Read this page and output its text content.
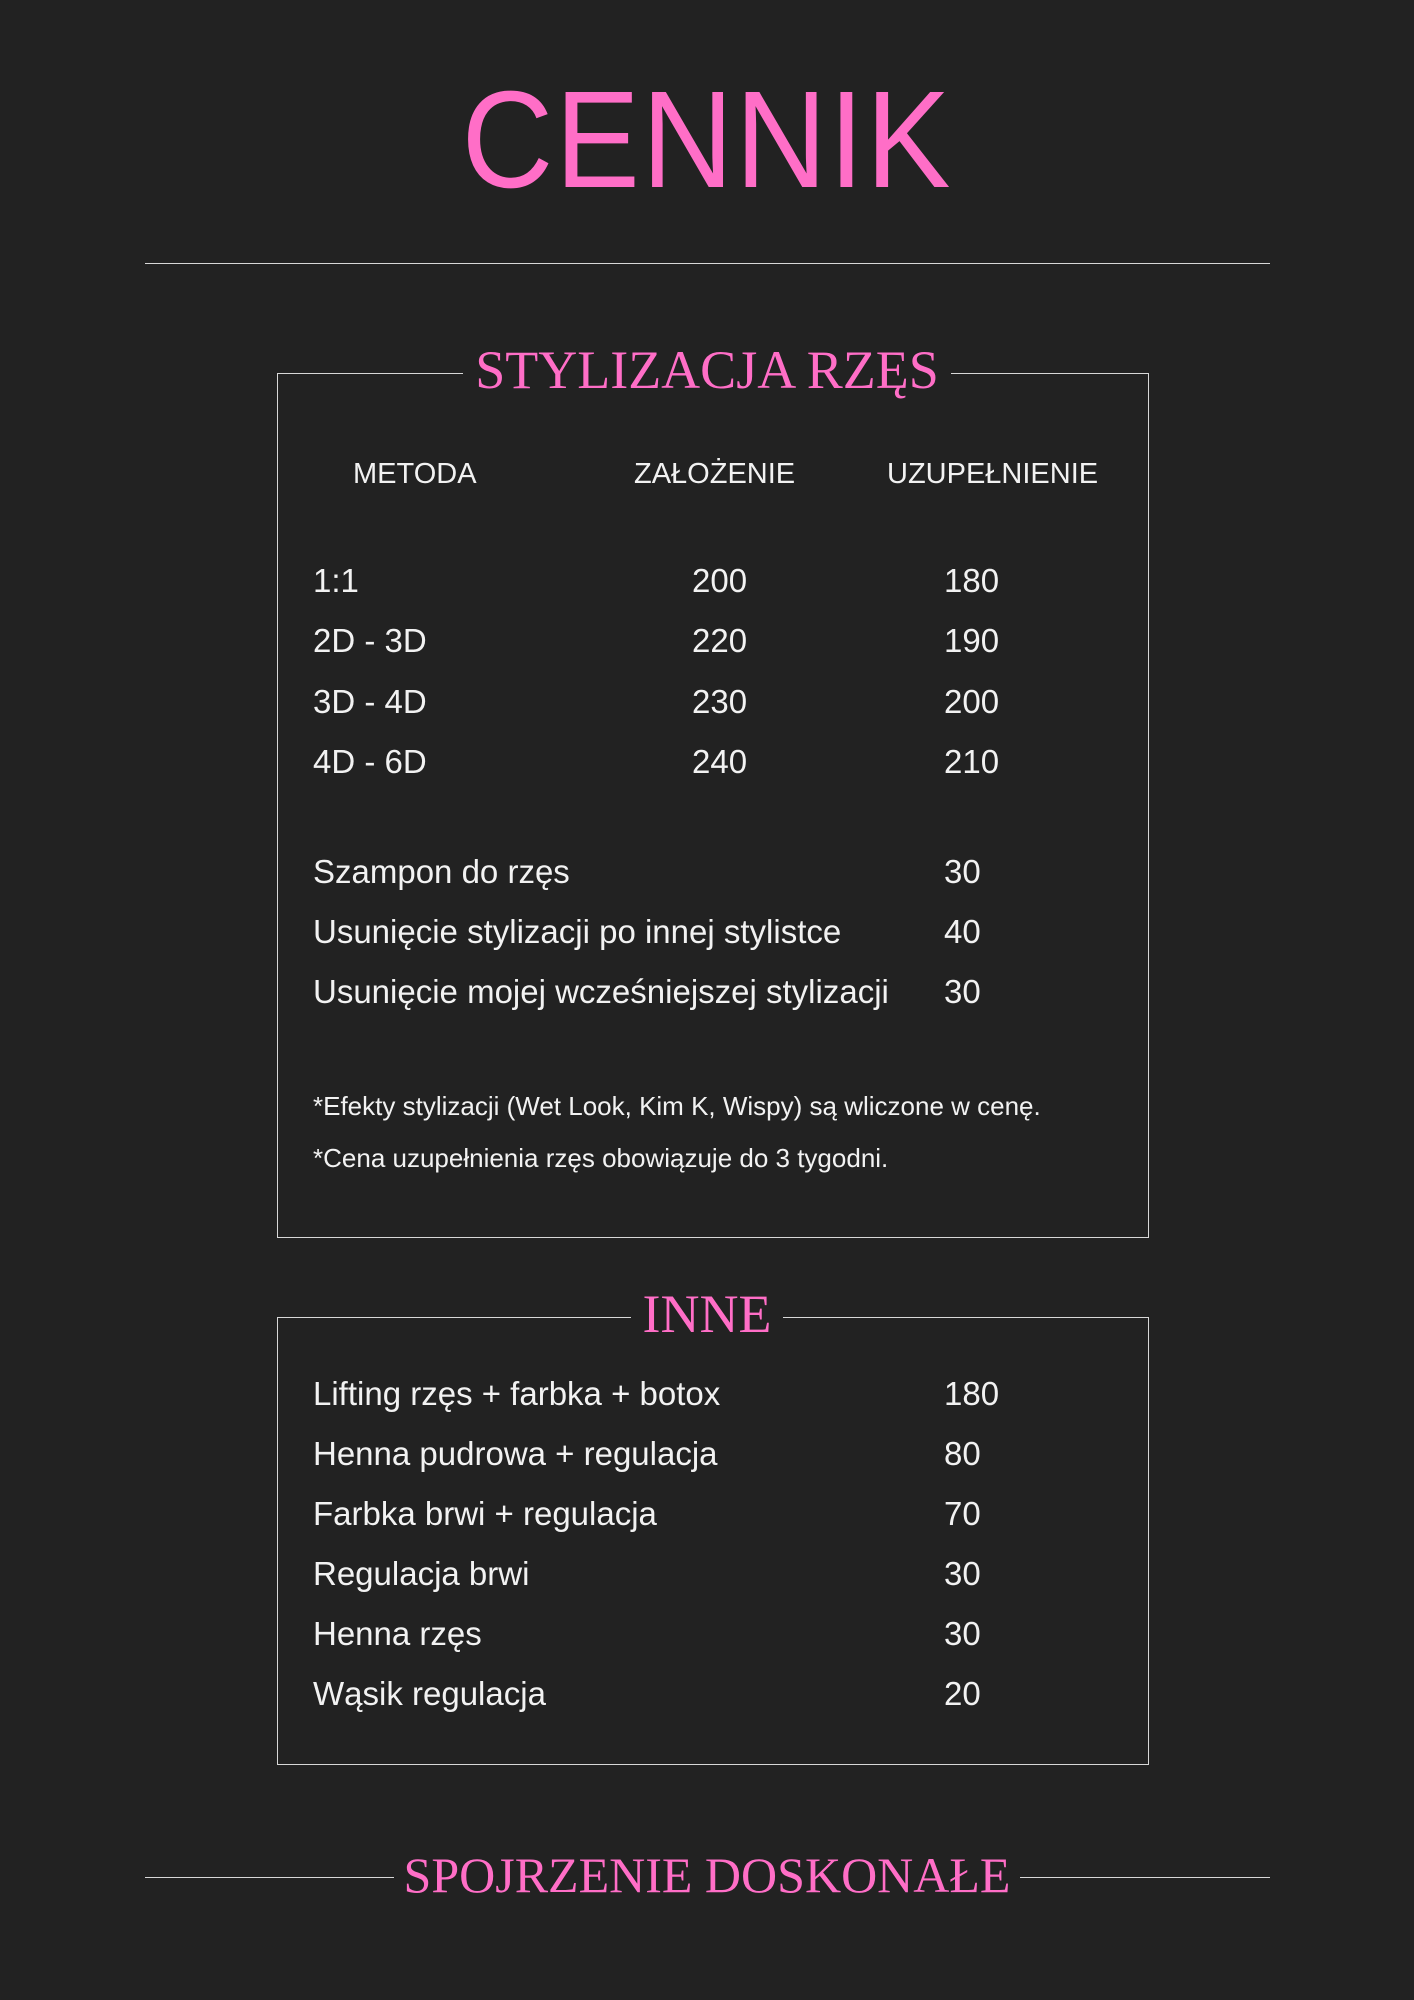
CENNIK
STYLIZACJA RZĘS
METODA	ZAŁOŻENIE	UZUPEŁNIENIE
1:1	200	180
2D - 3D	220	190
3D - 4D	230	200
4D - 6D	240	210
Szampon do rzęs	30
Usunięcie stylizacji po innej stylistce	40
Usunięcie mojej wcześniejszej stylizacji 30
*Efekty stylizacji (Wet Look, Kim K, Wispy) są wliczone w cenę.
*Cena uzupełnienia rzęs obowiązuje do 3 tygodni.
INNE
Lifting rzęs + farbka + botox	180
Henna pudrowa + regulacja	80
Farbka brwi + regulacja	70
Regulacja brwi	30
Henna rzęs	30
Wąsik regulacja	20
SPOJRZENIE DOSKONAŁE
